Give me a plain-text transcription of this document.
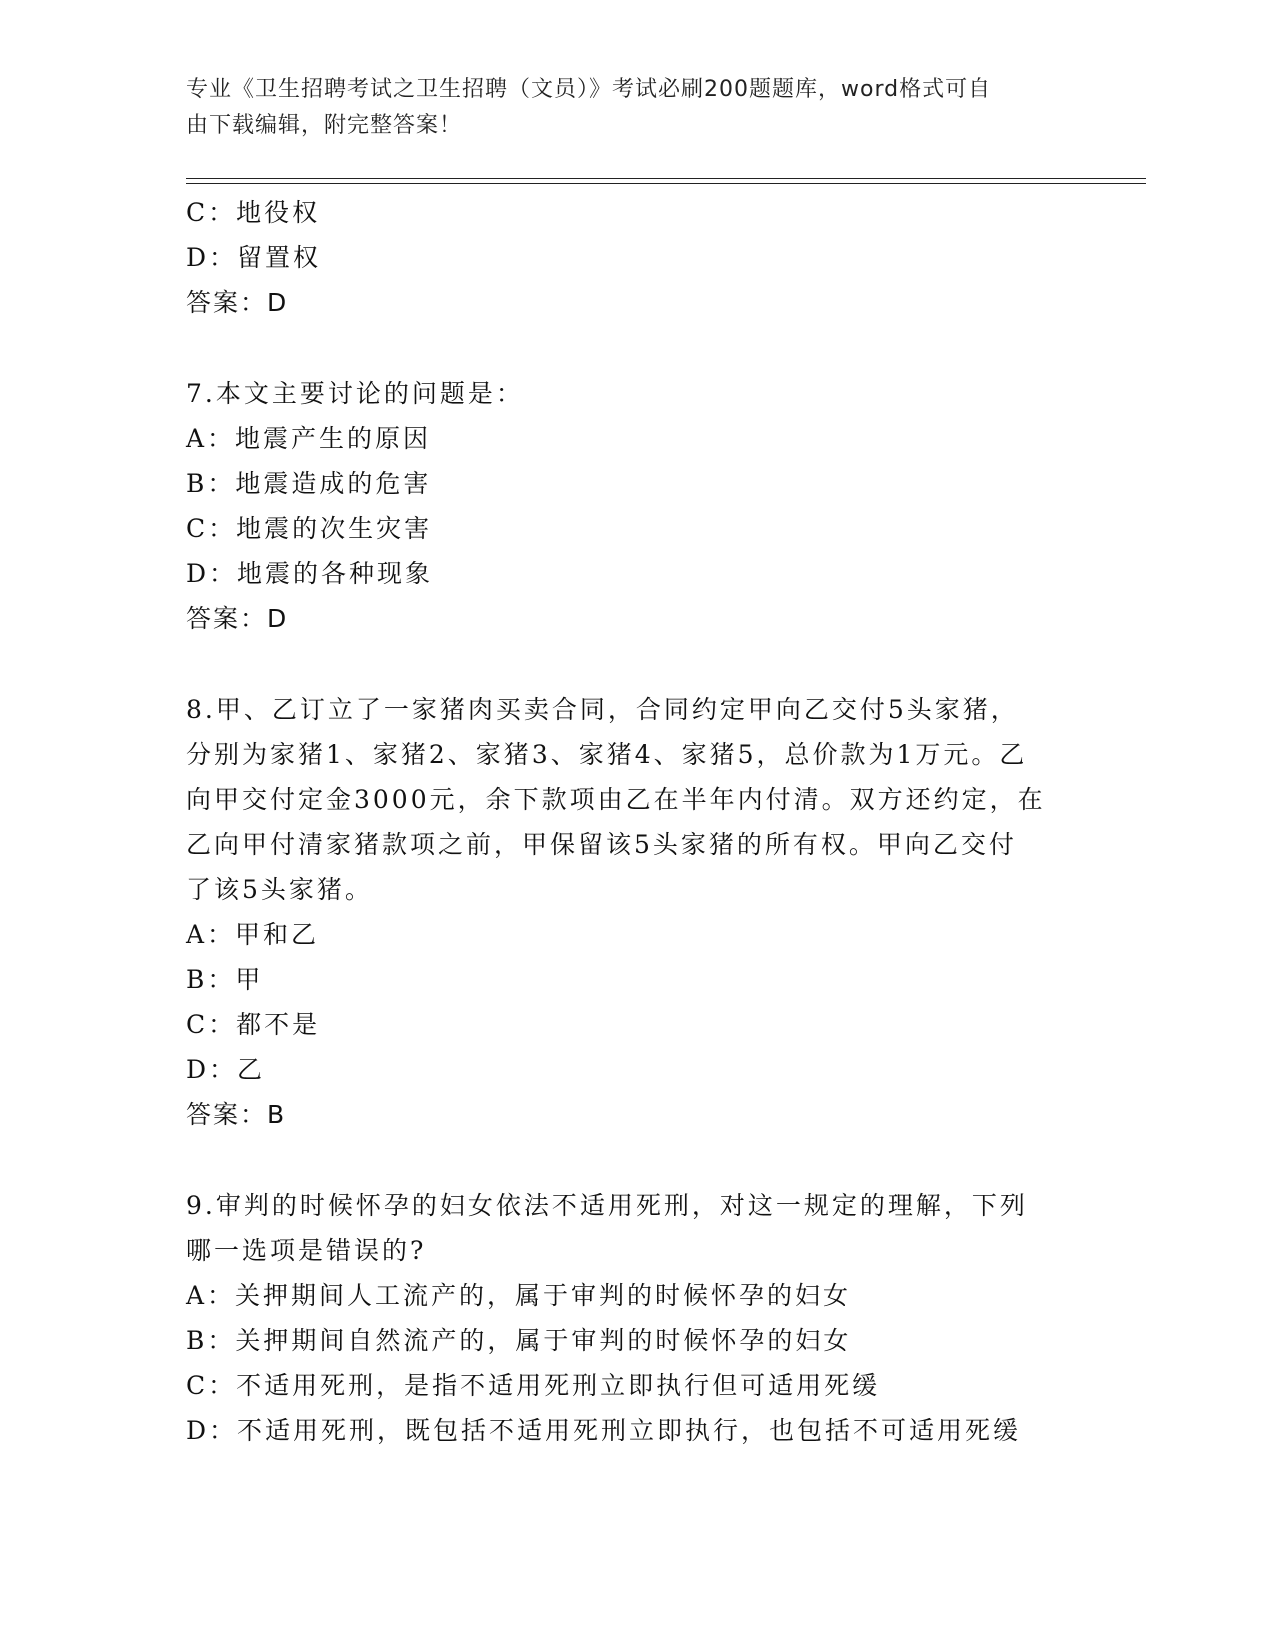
专业《卫生招聘考试之卫生招聘（文员）》考试必刷200题题库，word格式可自
由下载编辑，附完整答案！
C：地役权
D：留置权
答案：D
7.本文主要讨论的问题是：
A：地震产生的原因
B：地震造成的危害
C：地震的次生灾害
D：地震的各种现象
答案：D
8.甲、乙订立了一家猪肉买卖合同，合同约定甲向乙交付5头家猪，
分别为家猪1、家猪2、家猪3、家猪4、家猪5，总价款为1万元。乙
向甲交付定金3000元，余下款项由乙在半年内付清。双方还约定，在
乙向甲付清家猪款项之前，甲保留该5头家猪的所有权。甲向乙交付
了该5头家猪。
A：甲和乙
B：甲
C：都不是
D：乙
答案：B
9.审判的时候怀孕的妇女依法不适用死刑，对这一规定的理解，下列
哪一选项是错误的?
A：关押期间人工流产的，属于审判的时候怀孕的妇女
B：关押期间自然流产的，属于审判的时候怀孕的妇女
C：不适用死刑，是指不适用死刑立即执行但可适用死缓
D：不适用死刑，既包括不适用死刑立即执行，也包括不可适用死缓
